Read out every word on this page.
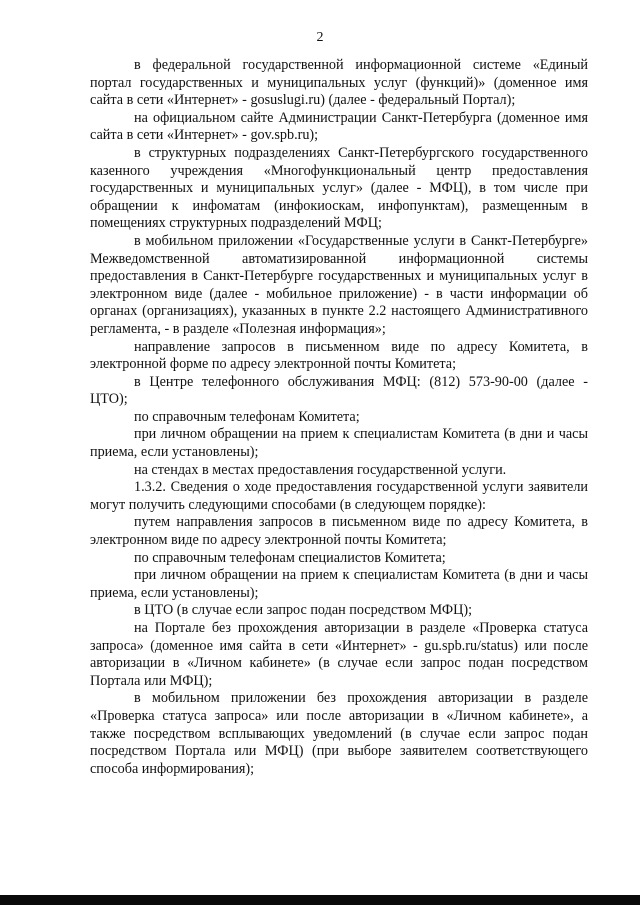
2

в федеральной государственной информационной системе «Единый портал государственных и муниципальных услуг (функций)» (доменное имя сайта в сети «Интернет» - gosuslugi.ru) (далее - федеральный Портал);

на официальном сайте Администрации Санкт-Петербурга (доменное имя сайта в сети «Интернет» - gov.spb.ru);

в структурных подразделениях Санкт-Петербургского государственного казенного учреждения «Многофункциональный центр предоставления государственных и муниципальных услуг» (далее - МФЦ), в том числе при обращении к инфоматам (инфокиоскам, инфопунктам), размещенным в помещениях структурных подразделений МФЦ;

в мобильном приложении «Государственные услуги в Санкт-Петербурге» Межведомственной автоматизированной информационной системы предоставления в Санкт-Петербурге государственных и муниципальных услуг в электронном виде (далее - мобильное приложение) - в части информации об органах (организациях), указанных в пункте 2.2 настоящего Административного регламента, - в разделе «Полезная информация»;

направление запросов в письменном виде по адресу Комитета, в электронной форме по адресу электронной почты Комитета;

в Центре телефонного обслуживания МФЦ: (812) 573-90-00 (далее - ЦТО);

по справочным телефонам Комитета;

при личном обращении на прием к специалистам Комитета (в дни и часы приема, если установлены);

на стендах в местах предоставления государственной услуги.

1.3.2. Сведения о ходе предоставления государственной услуги заявители могут получить следующими способами (в следующем порядке):

путем направления запросов в письменном виде по адресу Комитета, в электронном виде по адресу электронной почты Комитета;

по справочным телефонам специалистов Комитета;

при личном обращении на прием к специалистам Комитета (в дни и часы приема, если установлены);

в ЦТО (в случае если запрос подан посредством МФЦ);

на Портале без прохождения авторизации в разделе «Проверка статуса запроса» (доменное имя сайта в сети «Интернет» - gu.spb.ru/status) или после авторизации в «Личном кабинете» (в случае если запрос подан посредством Портала или МФЦ);

в мобильном приложении без прохождения авторизации в разделе «Проверка статуса запроса» или после авторизации в «Личном кабинете», а также посредством всплывающих уведомлений (в случае если запрос подан посредством Портала или МФЦ) (при выборе заявителем соответствующего способа информирования);
